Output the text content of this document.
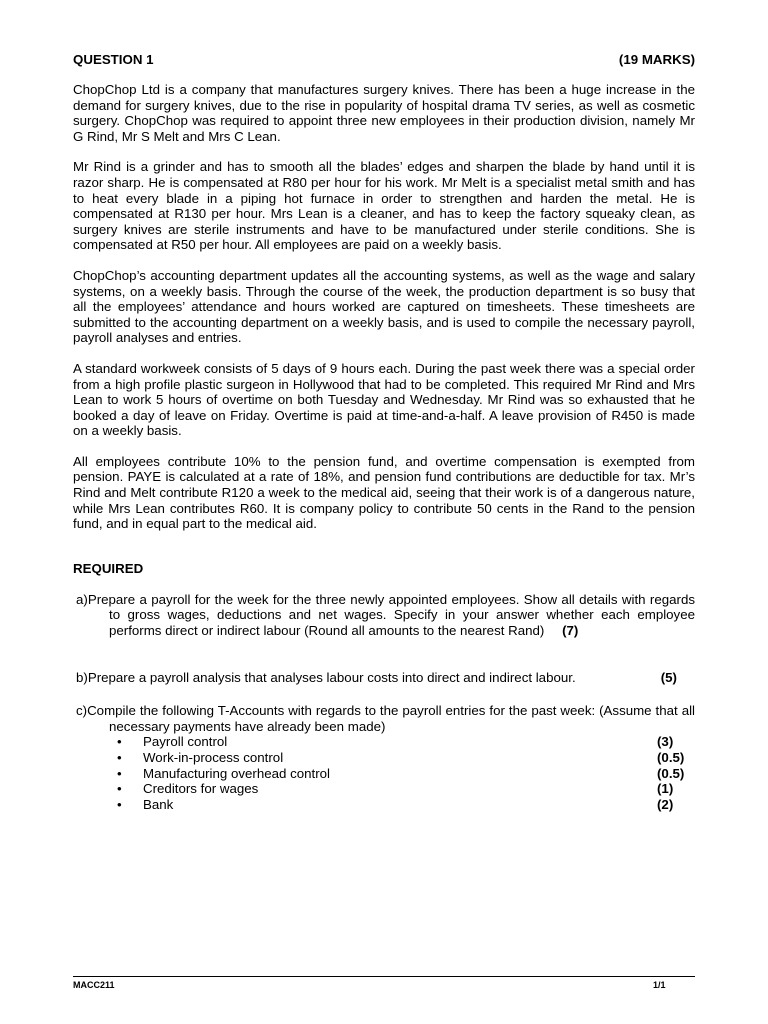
QUESTION 1	(19 MARKS)

ChopChop Ltd is a company that manufactures surgery knives. There has been a huge increase in the demand for surgery knives, due to the rise in popularity of hospital drama TV series, as well as cosmetic surgery. ChopChop was required to appoint three new employees in their production division, namely Mr G Rind, Mr S Melt and Mrs C Lean.

Mr Rind is a grinder and has to smooth all the blades’ edges and sharpen the blade by hand until it is razor sharp. He is compensated at R80 per hour for his work. Mr Melt is a specialist metal smith and has to heat every blade in a piping hot furnace in order to strengthen and harden the metal. He is compensated at R130 per hour. Mrs Lean is a cleaner, and has to keep the factory squeaky clean, as surgery knives are sterile instruments and have to be manufactured under sterile conditions. She is compensated at R50 per hour. All employees are paid on a weekly basis.

ChopChop’s accounting department updates all the accounting systems, as well as the wage and salary systems, on a weekly basis. Through the course of the week, the production department is so busy that all the employees’ attendance and hours worked are captured on timesheets. These timesheets are submitted to the accounting department on a weekly basis, and is used to compile the necessary payroll, payroll analyses and entries.

A standard workweek consists of 5 days of 9 hours each. During the past week there was a special order from a high profile plastic surgeon in Hollywood that had to be completed. This required Mr Rind and Mrs Lean to work 5 hours of overtime on both Tuesday and Wednesday. Mr Rind was so exhausted that he booked a day of leave on Friday. Overtime is paid at time-and-a-half. A leave provision of R450 is made on a weekly basis.

All employees contribute 10% to the pension fund, and overtime compensation is exempted from pension. PAYE is calculated at a rate of 18%, and pension fund contributions are deductible for tax. Mr’s Rind and Melt contribute R120 a week to the medical aid, seeing that their work is of a dangerous nature, while Mrs Lean contributes R60. It is company policy to contribute 50 cents in the Rand to the pension fund, and in equal part to the medical aid.

REQUIRED
a)Prepare a payroll for the week for the three newly appointed employees. Show all details with regards to gross wages, deductions and net wages. Specify in your answer whether each employee performs direct or indirect labour (Round all amounts to the nearest Rand) (7)
b)Prepare a payroll analysis that analyses labour costs into direct and indirect labour.	(5)
c)Compile the following T-Accounts with regards to the payroll entries for the past week: (Assume that all necessary payments have already been made)
• Payroll control	(3)
• Work-in-process control	(0.5)
• Manufacturing overhead control	(0.5)
• Creditors for wages	(1)
• Bank	(2)
MACC211	1/1
